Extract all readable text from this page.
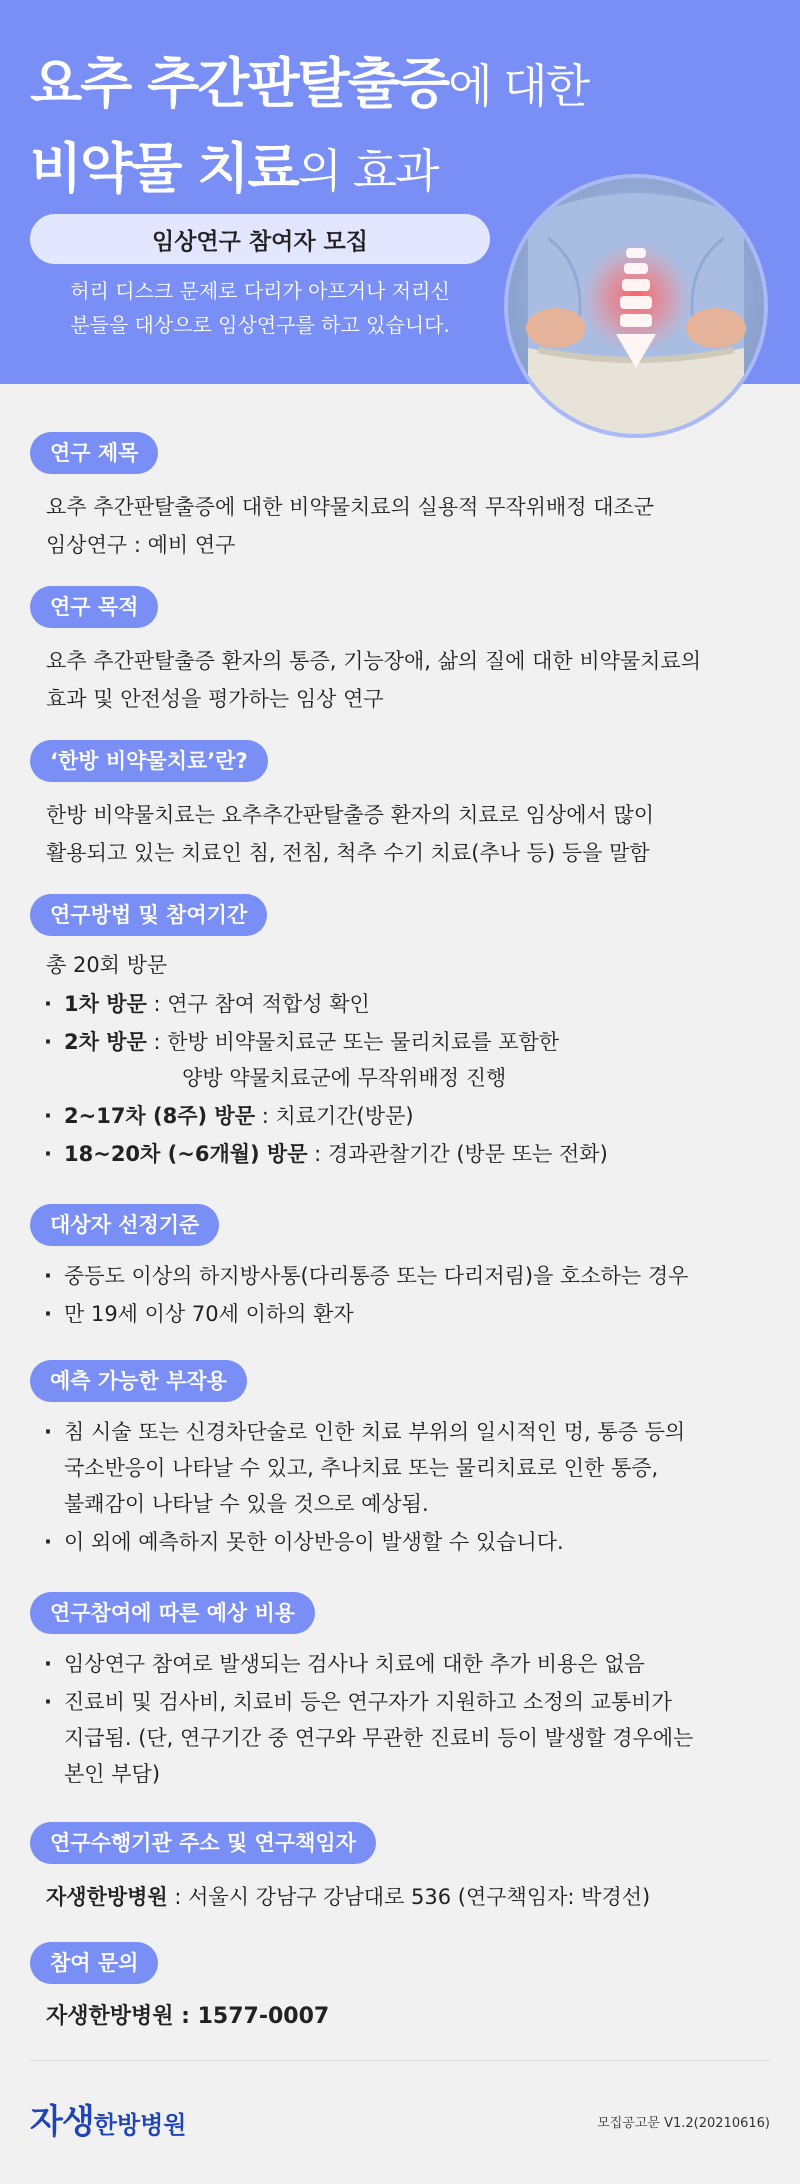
요추 추간판탈출증에 대한
비약물 치료의 효과
임상연구 참여자 모집
허리 디스크 문제로 다리가 아프거나 저리신
분들을 대상으로 임상연구를 하고 있습니다.
연구 제목
요추 추간판탈출증에 대한 비약물치료의 실용적 무작위배정 대조군
임상연구 : 예비 연구
연구 목적
요추 추간판탈출증 환자의 통증, 기능장애, 삶의 질에 대한 비약물치료의
효과 및 안전성을 평가하는 임상 연구
‘한방 비약물치료’란?
한방 비약물치료는 요추추간판탈출증 환자의 치료로 임상에서 많이
활용되고 있는 치료인 침, 전침, 척추 수기 치료(추나 등) 등을 말함
연구방법 및 참여기간
총 20회 방문
· 1차 방문 : 연구 참여 적합성 확인
· 2차 방문 : 한방 비약물치료군 또는 물리치료를 포함한
양방 약물치료군에 무작위배정 진행
· 2~17차 (8주) 방문 : 치료기간(방문)
· 18~20차 (~6개월) 방문 : 경과관찰기간 (방문 또는 전화)
대상자 선정기준
· 중등도 이상의 하지방사통(다리통증 또는 다리저림)을 호소하는 경우
· 만 19세 이상 70세 이하의 환자
예측 가능한 부작용
· 침 시술 또는 신경차단술로 인한 치료 부위의 일시적인 멍, 통증 등의
국소반응이 나타날 수 있고, 추나치료 또는 물리치료로 인한 통증,
불쾌감이 나타날 수 있을 것으로 예상됨.
· 이 외에 예측하지 못한 이상반응이 발생할 수 있습니다.
연구참여에 따른 예상 비용
· 임상연구 참여로 발생되는 검사나 치료에 대한 추가 비용은 없음
· 진료비 및 검사비, 치료비 등은 연구자가 지원하고 소정의 교통비가
지급됨. (단, 연구기간 중 연구와 무관한 진료비 등이 발생할 경우에는
본인 부담)
연구수행기관 주소 및 연구책임자
자생한방병원 : 서울시 강남구 강남대로 536 (연구책임자: 박경선)
참여 문의
자생한방병원 : 1577-0007
자생한방병원	모집공고문 V1.2(20210616)
